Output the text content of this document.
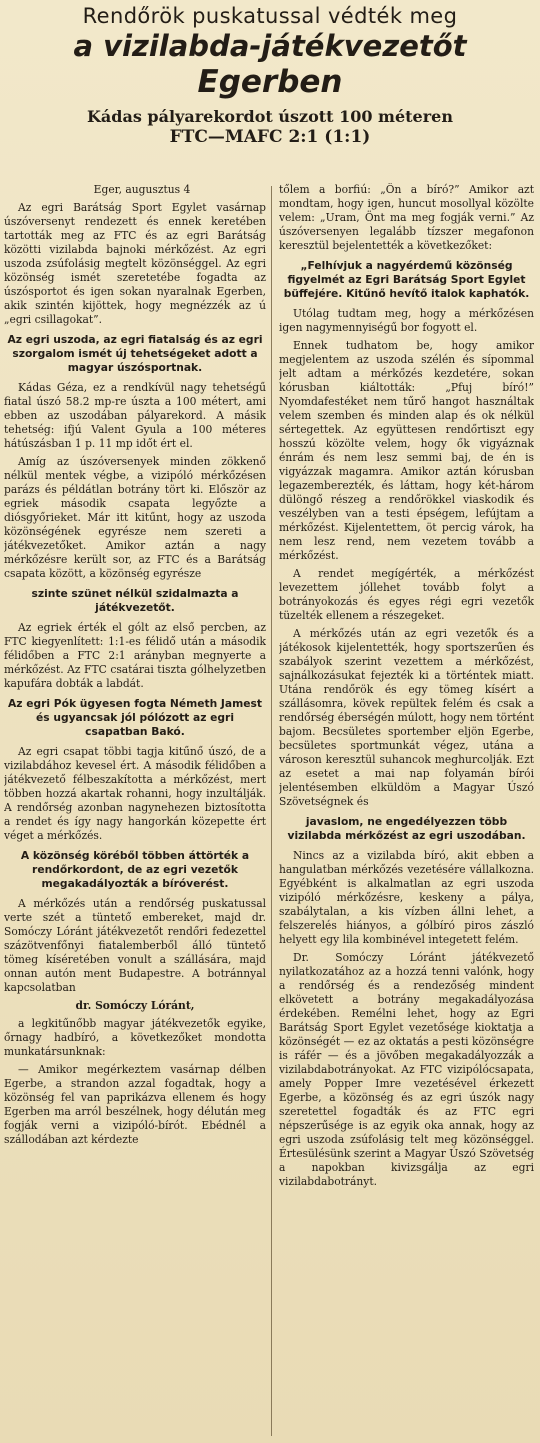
Rendőrök puskatussal védték meg
a vizilabda-játékvezetőt
Egerben
Kádas pályarekordot úszott 100 méteren
FTC—MAFC 2:1 (1:1)

Eger, augusztus 4

Az egri Barátság Sport Egylet vasárnap úszóversenyt rendezett és ennek keretében tartották meg az FTC és az egri Barátság közötti vizilabda bajnoki mérkőzést. Az egri uszoda zsúfolásig megtelt közönséggel. Az egri közönség ismét szeretetébe fogadta az úszósportot és igen sokan nyaralnak Egerben, akik szintén kijöttek, hogy megnézzék az ú „egri csillagokat”.

Az egri uszoda, az egri fiatalság és az egri szorgalom ismét új tehetségeket adott a magyar úszósportnak.

Kádas Géza, ez a rendkívül nagy tehetségű fiatal úszó 58.2 mp-re úszta a 100 métert, ami ebben az uszodában pályarekord. A másik tehetség: ifjú Valent Gyula a 100 méteres hátúszásban 1 p. 11 mp időt ért el.

Amíg az úszóversenyek minden zökkenő nélkül mentek végbe, a vizipóló mérkőzésen parázs és példátlan botrány tört ki. Először az egriek második csapata legyőzte a diósgyőrieket. Már itt kitűnt, hogy az uszoda közönségének egyrésze nem szereti a játékvezetőket. Amikor aztán a nagy mérkőzésre került sor, az FTC és a Barátság csapata között, a közönség egyrésze

szinte szünet nélkül szidalmazta a játékvezetőt.

Az egriek érték el gólt az első percben, az FTC kiegyenlített: 1:1-es félidő után a második félidőben a FTC 2:1 arányban megnyerte a mérkőzést. Az FTC csatárai tiszta gólhelyzetben kapufára dobták a labdát.

Az egri Pók ügyesen fogta Németh Jamest és ugyancsak jól pólózott az egri csapatban Bakó.

Az egri csapat többi tagja kitűnő úszó, de a vizilabdához kevesel ért. A második félidőben a játékvezető félbeszakította a mérkőzést, mert többen hozzá akartak rohanni, hogy inzultálják. A rendőrség azonban nagynehezen biztosította a rendet és így nagy hangorkán közepette ért véget a mérkőzés.

A közönség köréből többen áttörték a rendőrkordont, de az egri vezetők megakadályozták a bíróverést.

A mérkőzés után a rendőrség puskatussal verte szét a tüntető embereket, majd dr. Somóczy Lóránt játékvezetőt rendőri fedezettel százötvenfőnyi fiatalemberből álló tüntető tömeg kíséretében vonult a szállására, majd onnan autón ment Budapestre. A botránnyal kapcsolatban

dr. Somóczy Lóránt,

a legkitűnőbb magyar játékvezetők egyike, őrnagy hadbíró, a következőket mondotta munkatársunknak:

— Amikor megérkeztem vasárnap délben Egerbe, a strandon azzal fogadtak, hogy a közönség fel van paprikázva ellenem és hogy Egerben ma arról beszélnek, hogy délután meg fogják verni a vizipóló-bírót. Ebédnél a szállodában azt kérdezte

tőlem a borfiú: „Ön a bíró?” Amikor azt mondtam, hogy igen, huncut mosollyal közölte velem: „Uram, Önt ma meg fogják verni.” Az úszóversenyen legalább tízszer megafonon keresztül bejelentették a következőket:

„Felhívjuk a nagyérdemű közönség figyelmét az Egri Barátság Sport Egylet büffejére. Kitűnő hevítő italok kaphatók.

Utólag tudtam meg, hogy a mérkőzésen igen nagymennyiségű bor fogyott el.

Ennek tudhatom be, hogy amikor megjelentem az uszoda szélén és sípommal jelt adtam a mérkőzés kezdetére, sokan kórusban kiáltották: „Pfuj bíró!” Nyomdafestéket nem tűrő hangot használtak velem szemben és minden alap és ok nélkül sértegettek. Az együttesen rendőrtiszt egy hosszú közölte velem, hogy ők vigyáznak énrám és nem lesz semmi baj, de én is vigyázzak magamra. Amikor aztán kórusban legazemberezték, és láttam, hogy két-három dülöngő részeg a rendőrökkel viaskodik és veszélyben van a testi épségem, lefújtam a mérkőzést. Kijelentettem, öt percig várok, ha nem lesz rend, nem vezetem tovább a mérkőzést.

A rendet megígérték, a mérkőzést levezettem jóllehet tovább folyt a botrányokozás és egyes régi egri vezetők tüzelték ellenem a részegeket.

A mérkőzés után az egri vezetők és a játékosok kijelentették, hogy sportszerűen és szabályok szerint vezettem a mérkőzést, sajnálkozásukat fejezték ki a történtek miatt. Utána rendőrök és egy tömeg kísért a szállásomra, kövek repültek felém és csak a rendőrség éberségén múlott, hogy nem történt bajom. Becsületes sportember eljön Egerbe, becsületes sportmunkát végez, utána a városon keresztül suhancok meghurcolják. Ezt az esetet a mai nap folyamán bírói jelentésemben elküldöm a Magyar Úszó Szövetségnek és

javaslom, ne engedélyezzen több vizilabda mérkőzést az egri uszodában.

Nincs az a vizilabda bíró, akit ebben a hangulatban mérkőzés vezetésére vállalkozna. Egyébként is alkalmatlan az egri uszoda vizipóló mérkőzésre, keskeny a pálya, szabálytalan, a kis vízben állni lehet, a felszerelés hiányos, a gólbíró piros zászló helyett egy lila kombinével integetett felém.

Dr. Somóczy Lóránt játékvezető nyilatkozatához az a hozzá tenni valónk, hogy a rendőrség és a rendezőség mindent elkövetett a botrány megakadályozása érdekében. Remélni lehet, hogy az Egri Barátság Sport Egylet vezetősége kioktatja a közönségét — ez az oktatás a pesti közönségre is ráfér — és a jövőben megakadályozzák a vizilabdabotrányokat. Az FTC vizipólócsapata, amely Popper Imre vezetésével érkezett Egerbe, a közönség és az egri úszók nagy szeretettel fogadták és az FTC egri népszerűsége is az egyik oka annak, hogy az egri uszoda zsúfolásig telt meg közönséggel. Értesülésünk szerint a Magyar Úszó Szövetség a napokban kivizsgálja az egri vizilabdabotrányt.
